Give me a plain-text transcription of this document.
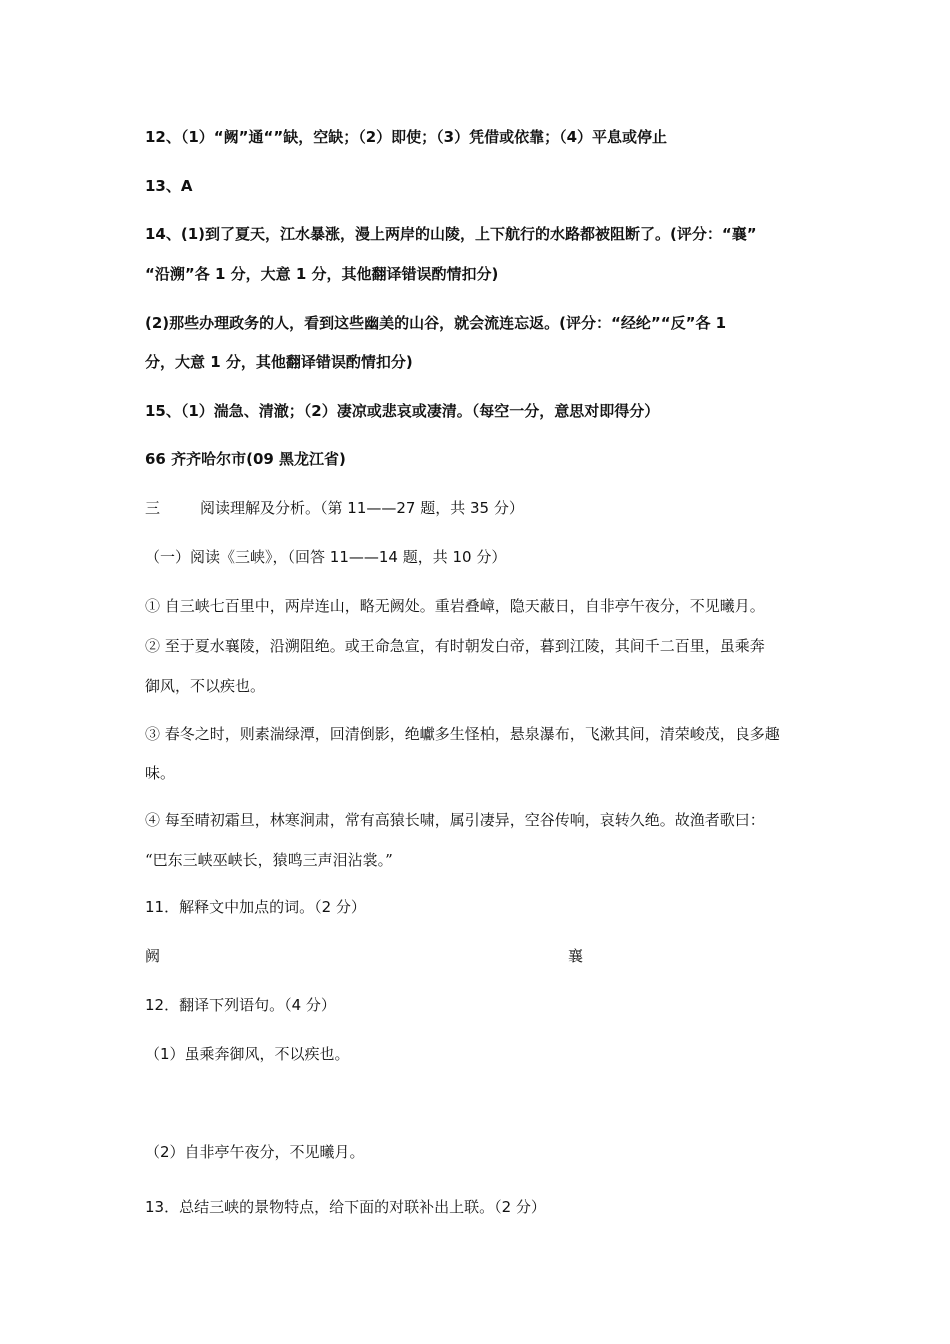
12、（1）“阙”通“”缺，空缺；（2）即使；（3）凭借或依靠；（4）平息或停止
13、A
14、(1)到了夏天，江水暴涨，漫上两岸的山陵，上下航行的水路都被阻断了。(评分：“襄”
“沿溯”各 1 分，大意 1 分，其他翻译错误酌情扣分)
(2)那些办理政务的人，看到这些幽美的山谷，就会流连忘返。(评分：“经纶”“反”各 1
分，大意 1 分，其他翻译错误酌情扣分)
15、（1）湍急、清澈；（2）凄凉或悲哀或凄清。（每空一分，意思对即得分）
66 齐齐哈尔市(09 黑龙江省)
三	阅读理解及分析。（第 11——27 题，共 35 分）
（一）阅读《三峡》，（回答 11——14 题，共 10 分）
① 自三峡七百里中，两岸连山，略无阙处。重岩叠嶂，隐天蔽日，自非亭午夜分，不见曦月。
② 至于夏水襄陵，沿溯阻绝。或王命急宣，有时朝发白帝，暮到江陵，其间千二百里，虽乘奔
御风，不以疾也。
③ 春冬之时，则素湍绿潭，回清倒影，绝巘多生怪柏，悬泉瀑布，飞漱其间，清荣峻茂，良多趣
味。
④ 每至晴初霜旦，林寒涧肃，常有高猿长啸，属引凄异，空谷传响，哀转久绝。故渔者歌曰：
“巴东三峡巫峡长，猿鸣三声泪沾裳。”
11．解释文中加点的词。（2 分）
阙	襄
12．翻译下列语句。（4 分）
（1）虽乘奔御风，不以疾也。
（2）自非亭午夜分，不见曦月。
13．总结三峡的景物特点，给下面的对联补出上联。（2 分）
